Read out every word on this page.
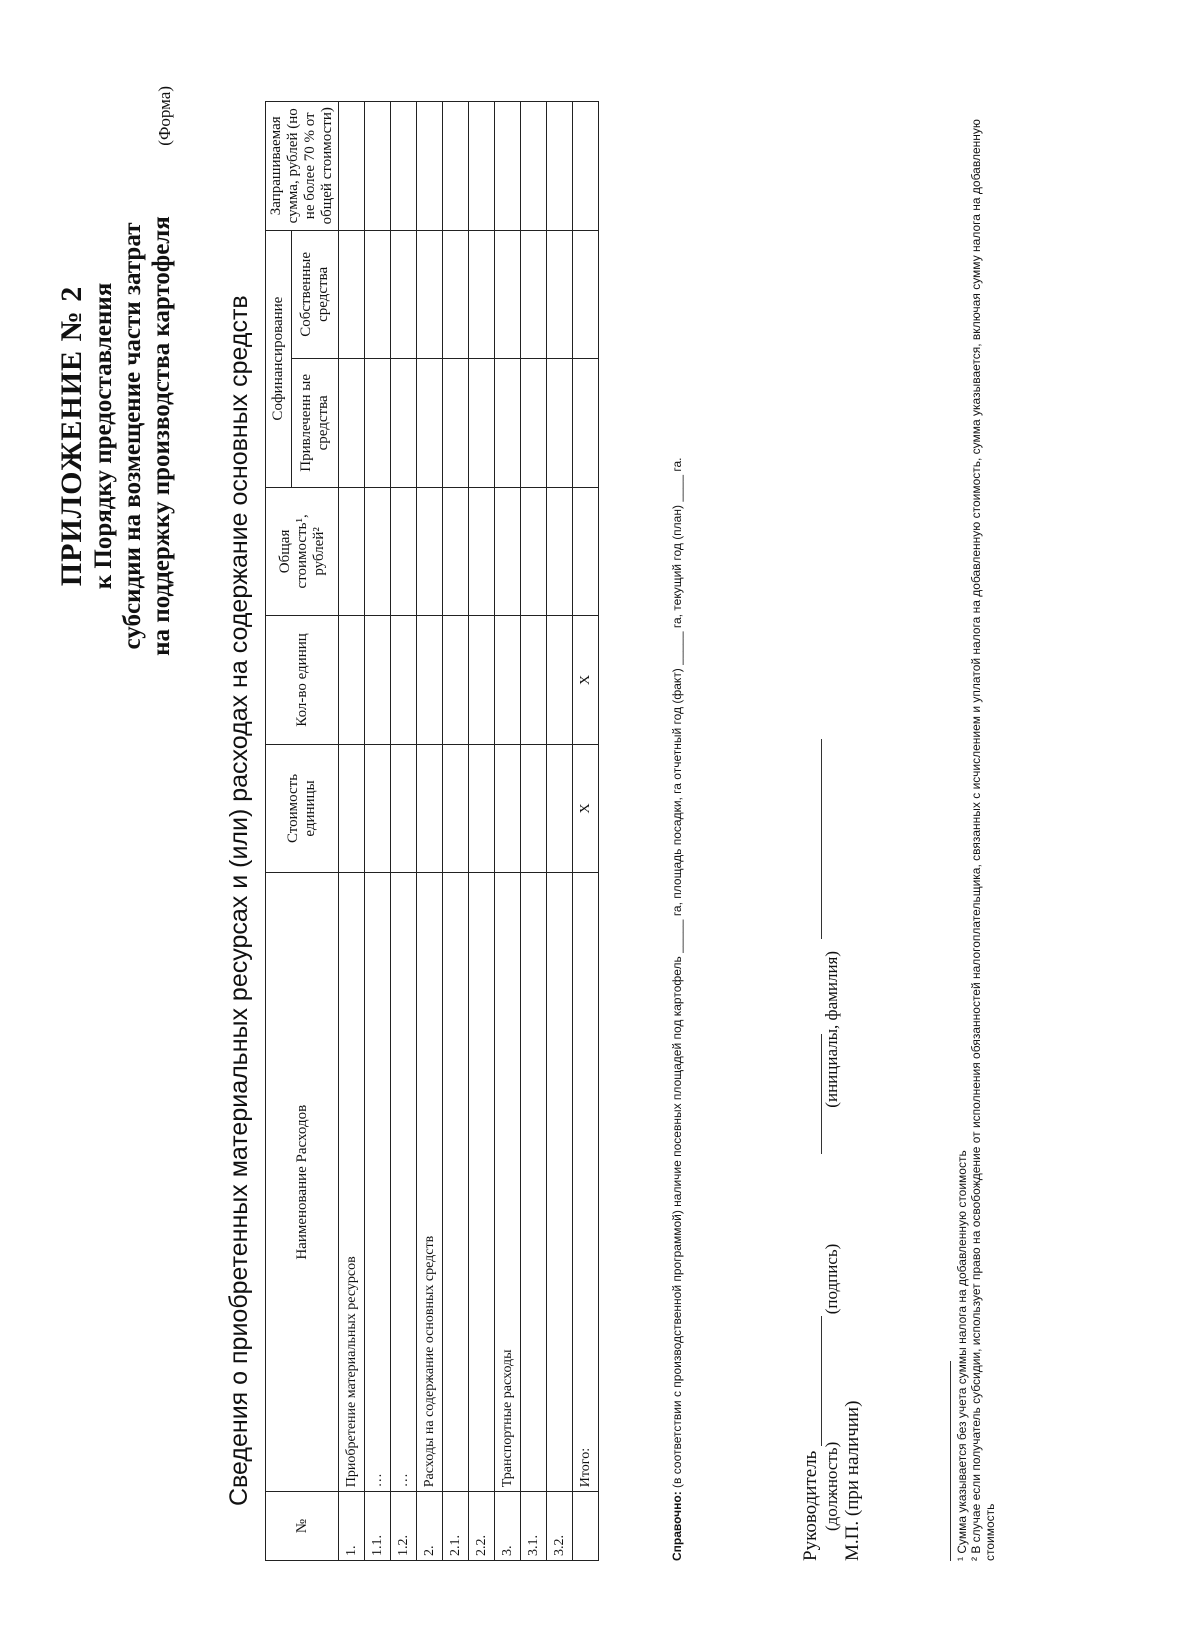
ПРИЛОЖЕНИЕ № 2 к Порядку предоставления субсидии на возмещение части затрат на поддержку производства картофеля
(Форма)
Сведения о приобретенных материальных ресурсах и (или) расходах на содержание основных средств
№	Наименование Расходов	Стоимость единицы	Кол-во единиц	Общая стоимость¹, рублей²	Софинансирование		Запрашиваемая сумма, рублей (но не более 70 % от общей стоимости)
					Привлеченн ые средства	Собственные средства	
1.	Приобретение материальных ресурсов						
1.1.	…						
1.2.	…						
2.	Расходы на содержание основных средств						
2.1.							
2.2.							
3.	Транспортные расходы						
3.1.							
3.2.							
	Итого:	Х	Х				
Справочно: (в соответствии с производственной программой) наличие посевных площадей под картофель _____ га, площадь посадки, га отчетный год (факт) _____ га, текущий год (план) ____ га.
Руководитель (должность)                              (подпись)                                (инициалы, фамилия)
М.П. (при наличии)	¹ Сумма указывается без учета суммы налога на добавленную стоимость ² В случае если получатель субсидии, использует право на освобождение от исполнения обязанностей налогоплательщика, связанных с исчислением и уплатой налога на добавленную стоимость, сумма указывается, включая сумму налога на добавленную стоимость
